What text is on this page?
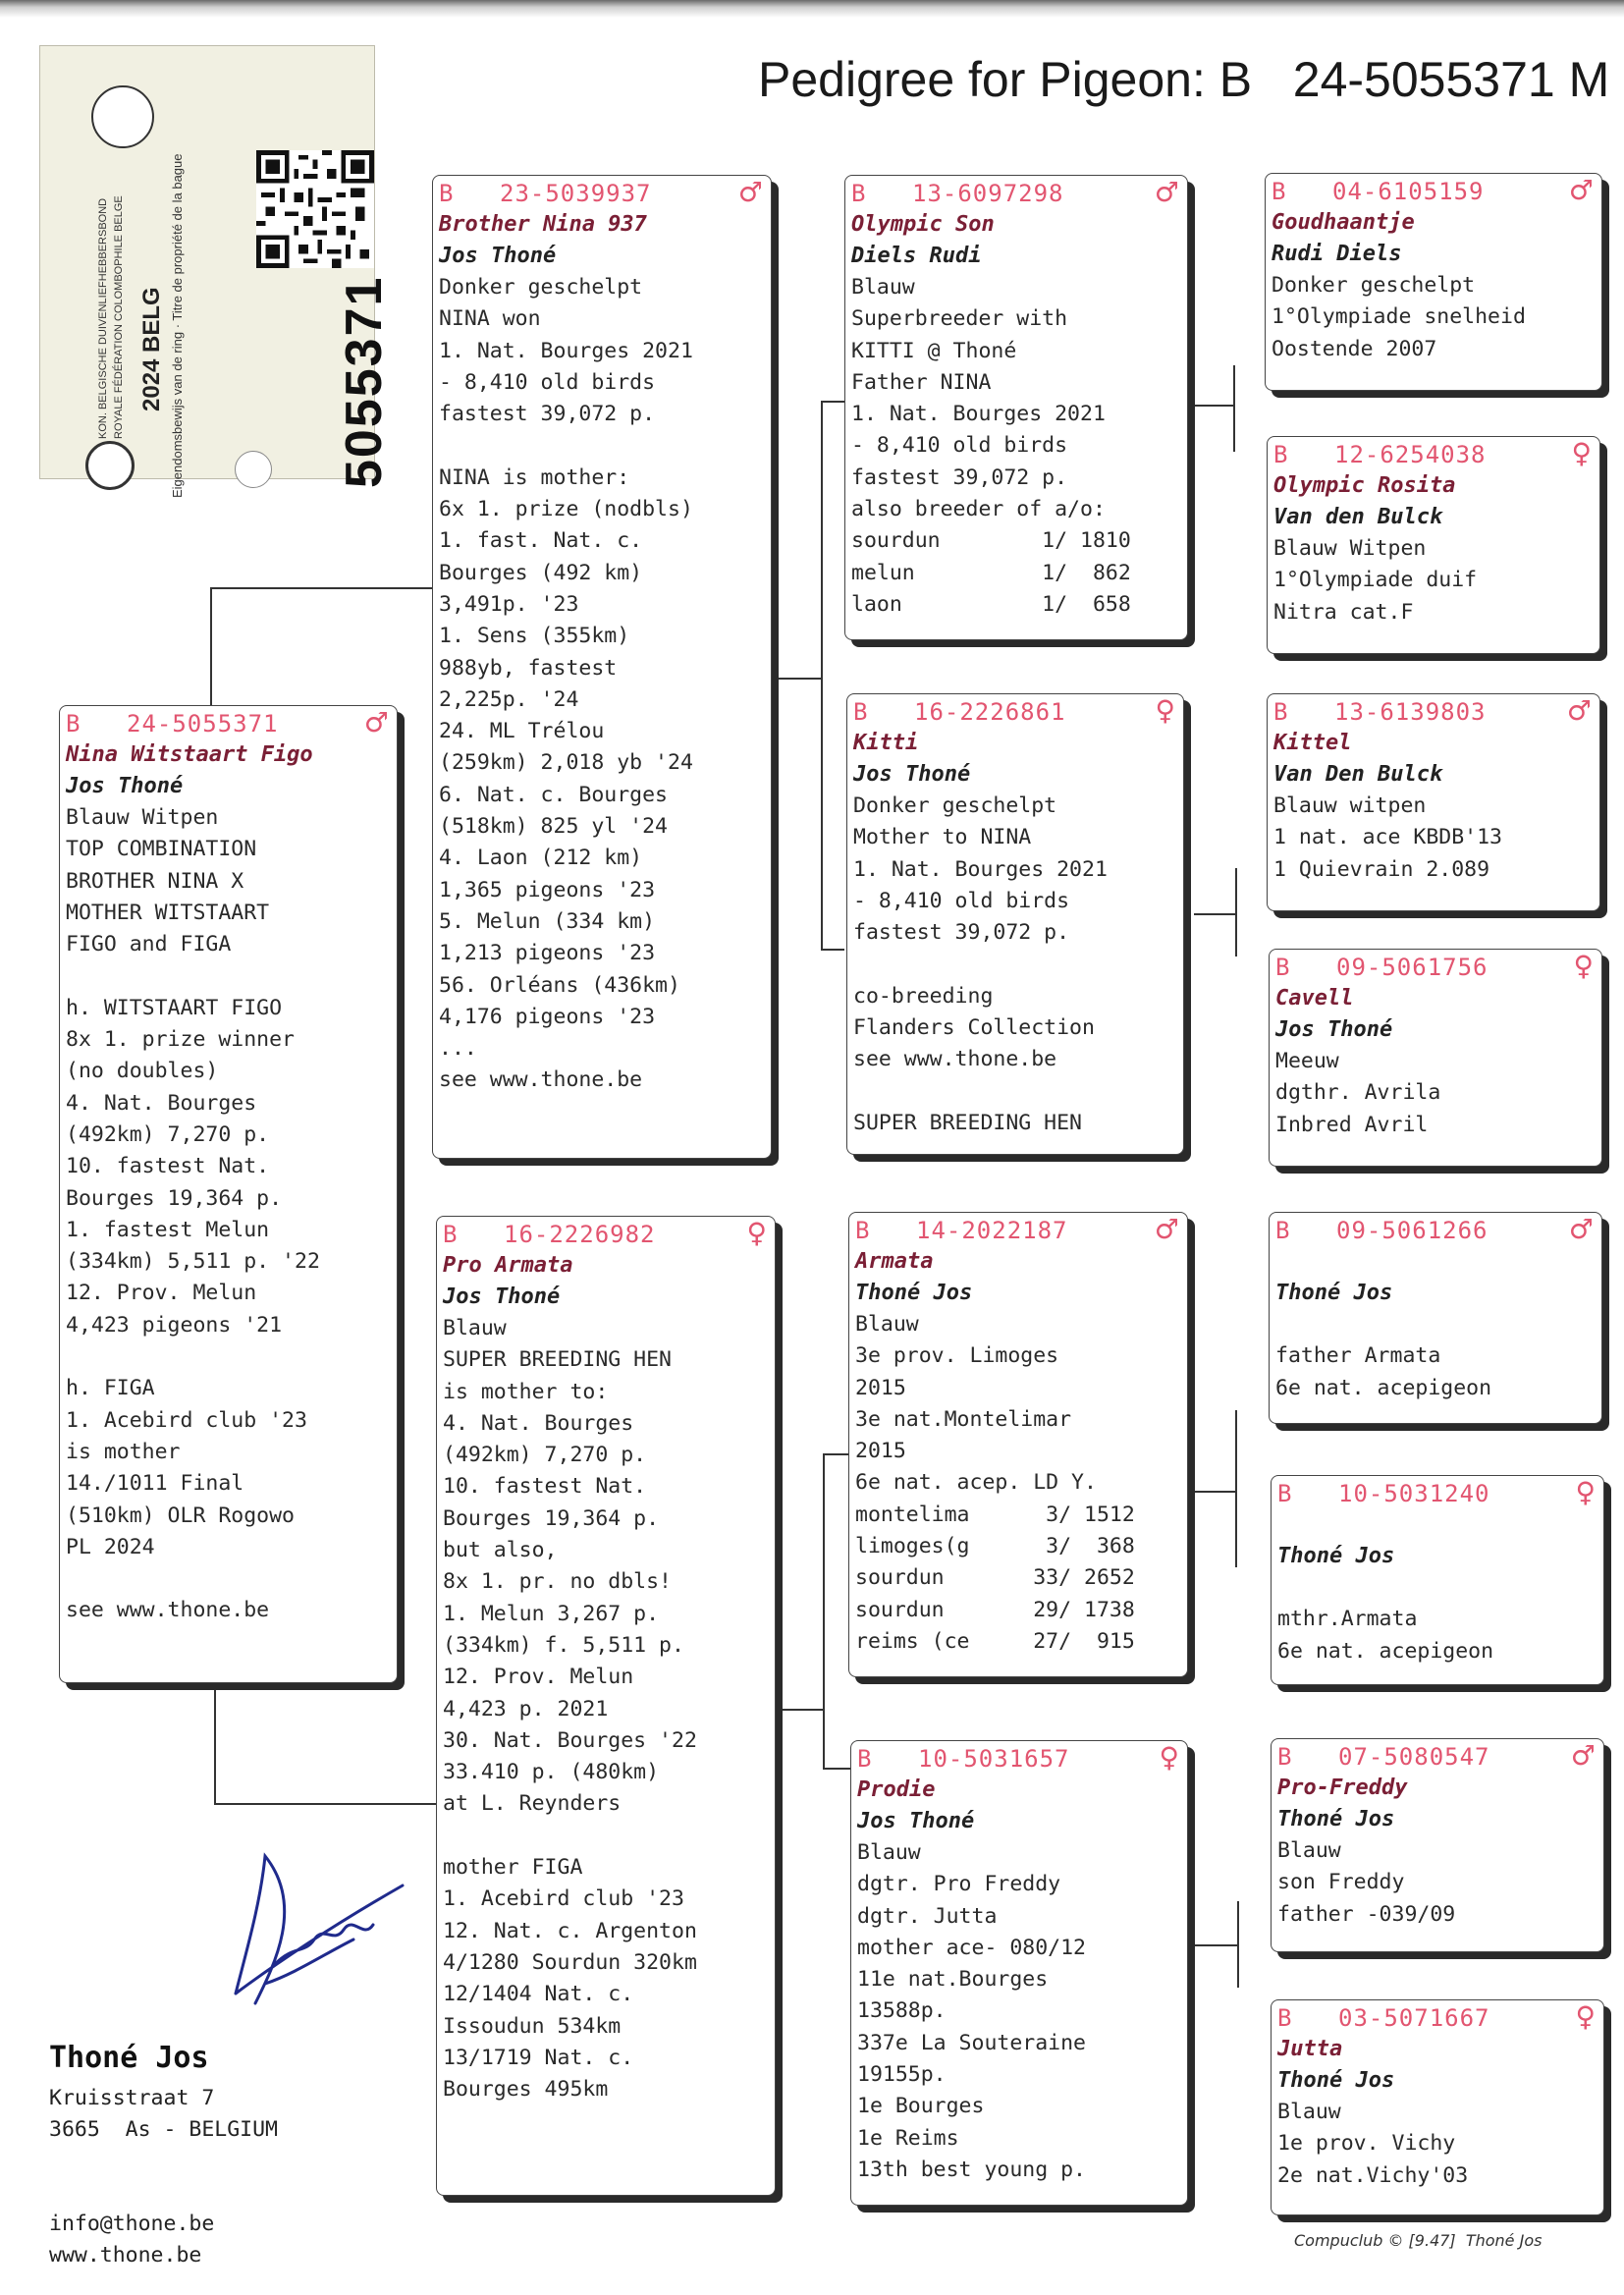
Pedigree for Pigeon: B   24-5055371 M
KON. BELGISCHE DUIVENLIEFHEBBERSBOND ROYALE FÉDÉRATION COLOMBOPHILE BELGE 2024 BELG Eigendomsbewijs van de ring · Titre de propriété de la bague	5055371
B 24-5055371	♂
Nina Witstaart Figo
Jos Thoné
Blauw Witpen
TOP COMBINATION
BROTHER NINA X
MOTHER WITSTAART
FIGO and FIGA
h. WITSTAART FIGO
8x 1. prize winner
(no doubles)
4. Nat. Bourges
(492km) 7,270 p.
10. fastest Nat.
Bourges 19,364 p.
1. fastest Melun
(334km) 5,511 p. '22
12. Prov. Melun
4,423 pigeons '21
h. FIGA
1. Acebird club '23
is mother
14./1011 Final
(510km) OLR Rogowo
PL 2024
see www.thone.be
B 23-5039937	♂
Brother Nina 937
Jos Thoné
Donker geschelpt
NINA won
1. Nat. Bourges 2021
- 8,410 old birds
fastest 39,072 p.
NINA is mother:
6x 1. prize (nodbls)
1. fast. Nat. c.
Bourges (492 km)
3,491p. '23
1. Sens (355km)
988yb, fastest
2,225p. '24
24. ML Trélou
(259km) 2,018 yb '24
6. Nat. c. Bourges
(518km) 825 yl '24
4. Laon (212 km)
1,365 pigeons '23
5. Melun (334 km)
1,213 pigeons '23
56. Orléans (436km)
4,176 pigeons '23
...
see www.thone.be
B 16-2226982	♀
Pro Armata
Jos Thoné
Blauw
SUPER BREEDING HEN
is mother to:
4. Nat. Bourges
(492km) 7,270 p.
10. fastest Nat.
Bourges 19,364 p.
but also,
8x 1. pr. no dbls!
1. Melun 3,267 p.
(334km) f. 5,511 p.
12. Prov. Melun
4,423 p. 2021
30. Nat. Bourges '22
33.410 p. (480km)
at L. Reynders
mother FIGA
1. Acebird club '23
12. Nat. c. Argenton
4/1280 Sourdun 320km
12/1404 Nat. c.
Issoudun 534km
13/1719 Nat. c.
Bourges 495km
B 13-6097298	♂
Olympic Son
Diels Rudi
Blauw
Superbreeder with
KITTI @ Thoné
Father NINA
1. Nat. Bourges 2021
- 8,410 old birds
fastest 39,072 p.
also breeder of a/o:
sourdun        1/ 1810
melun          1/  862
laon           1/  658
B 16-2226861	♀
Kitti
Jos Thoné
Donker geschelpt
Mother to NINA
1. Nat. Bourges 2021
- 8,410 old birds
fastest 39,072 p.
co-breeding
Flanders Collection
see www.thone.be
SUPER BREEDING HEN
B 14-2022187	♂
Armata
Thoné Jos
Blauw
3e prov. Limoges
2015
3e nat.Montelimar
2015
6e nat. acep. LD Y.
montelima      3/ 1512
limoges(g      3/  368
sourdun       33/ 2652
sourdun       29/ 1738
reims (ce     27/  915
B 10-5031657	♀
Prodie
Jos Thoné
Blauw
dgtr. Pro Freddy
dgtr. Jutta
mother ace- 080/12
11e nat.Bourges
13588p.
337e La Souteraine
19155p.
1e Bourges
1e Reims
13th best young p.
B 04-6105159	♂
Goudhaantje
Rudi Diels
Donker geschelpt
1°Olympiade snelheid
Oostende 2007
B 12-6254038	♀
Olympic Rosita
Van den Bulck
Blauw Witpen
1°Olympiade duif
Nitra cat.F
B 13-6139803	♂
Kittel
Van Den Bulck
Blauw witpen
1 nat. ace KBDB'13
1 Quievrain 2.089
B 09-5061756	♀
Cavell
Jos Thoné
Meeuw
dgthr. Avrila
Inbred Avril
B 09-5061266	♂
Thoné Jos
father Armata
6e nat. acepigeon
B 10-5031240	♀
Thoné Jos
mthr.Armata
6e nat. acepigeon
B 07-5080547	♂
Pro-Freddy
Thoné Jos
Blauw
son Freddy
father -039/09
B 03-5071667	♀
Jutta
Thoné Jos
Blauw
1e prov. Vichy
2e nat.Vichy'03
Thoné Jos
Kruisstraat 7
3665  As - BELGIUM
info@thone.be
www.thone.be
Compuclub © [9.47]  Thoné Jos
